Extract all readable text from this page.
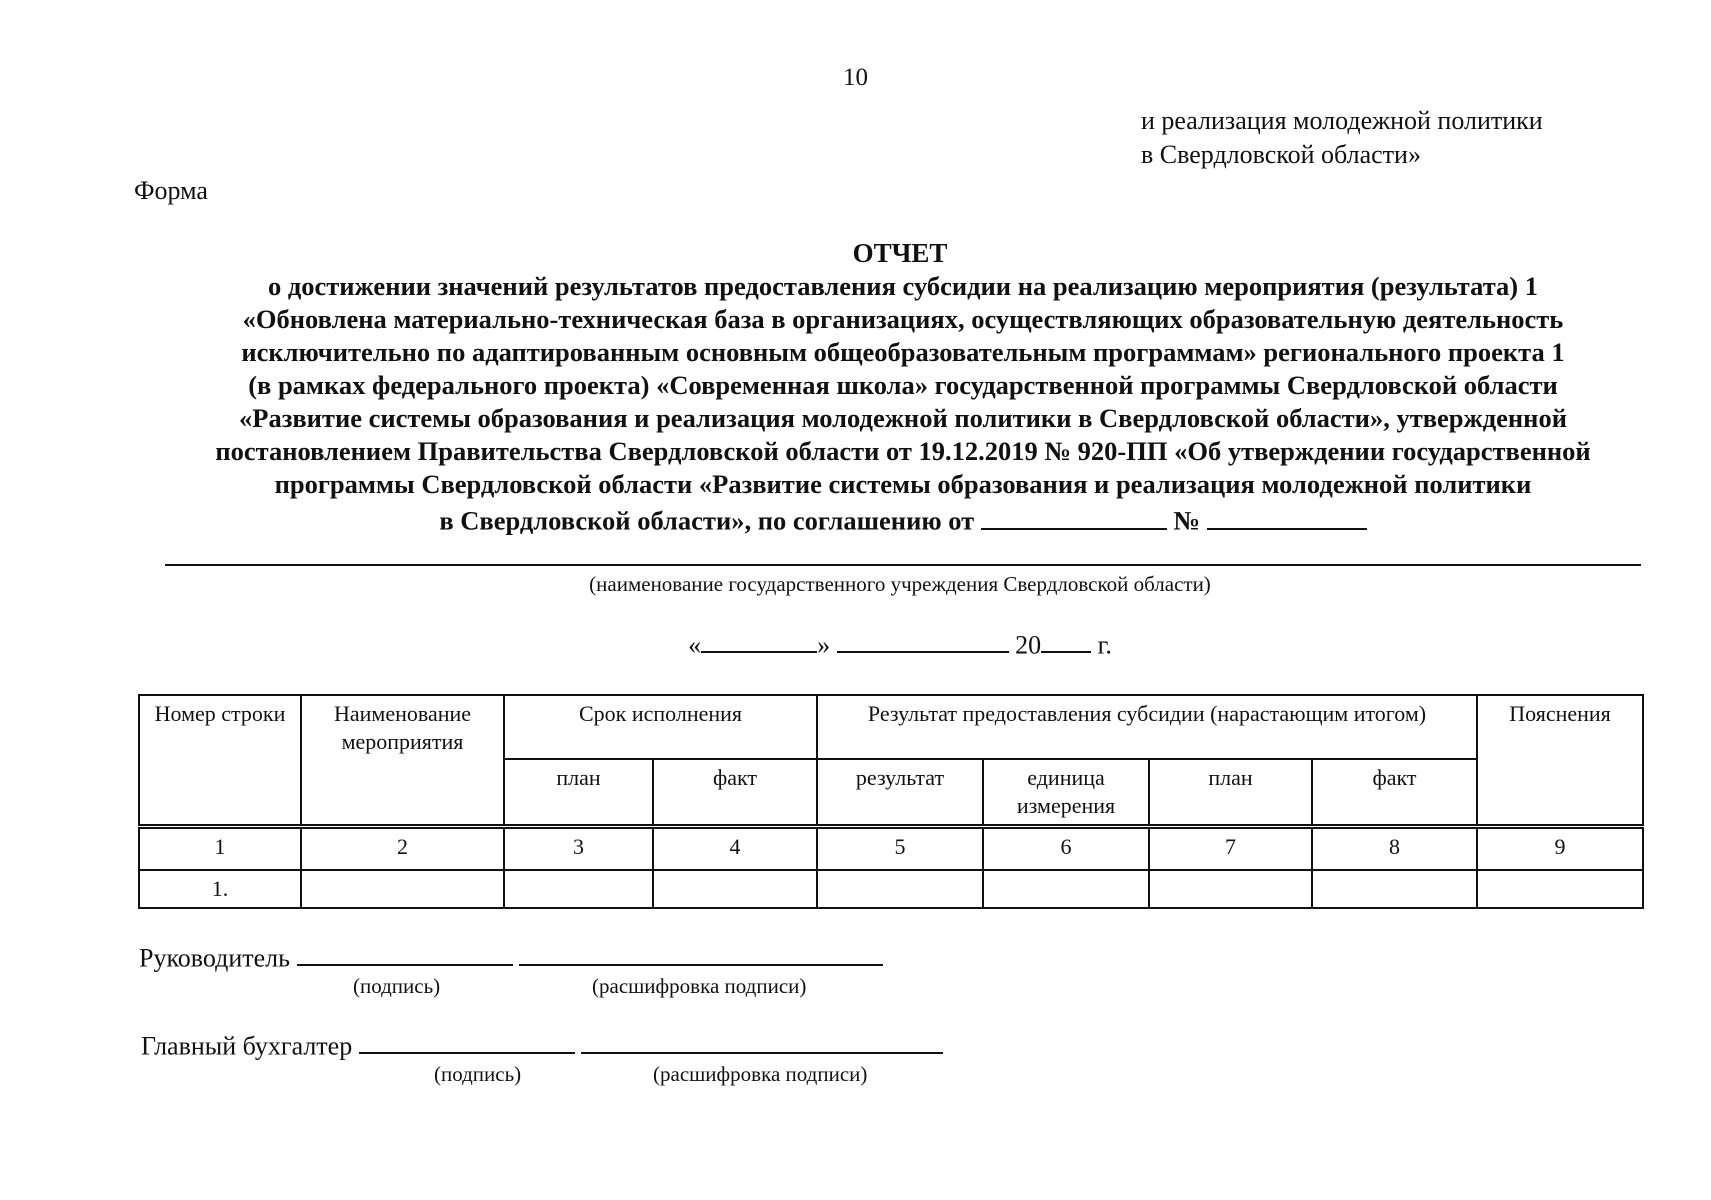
10
и реализация молодежной политики
в Свердловской области»
Форма
ОТЧЕТ
о достижении значений результатов предоставления субсидии на реализацию мероприятия (результата) 1
«Обновлена материально-техническая база в организациях, осуществляющих образовательную деятельность
исключительно по адаптированным основным общеобразовательным программам» регионального проекта 1
(в рамках федерального проекта) «Современная школа» государственной программы Свердловской области
«Развитие системы образования и реализация молодежной политики в Свердловской области», утвержденной
постановлением Правительства Свердловской области от 19.12.2019 № 920-ПП «Об утверждении государственной
программы Свердловской области «Развитие системы образования и реализация молодежной политики
в Свердловской области», по соглашению от	№
(наименование государственного учреждения Свердловской области)
«	»	20 г.
Номер строки	Наименование мероприятия	Срок исполнения		Результат предоставления субсидии (нарастающим итогом)				Пояснения
		план	факт	результат	единица измерения	план	факт	
1	2	3	4	5	6	7	8	9
1.								
Руководитель
(подпись)	(расшифровка подписи)
Главный бухгалтер
(подпись)	(расшифровка подписи)
